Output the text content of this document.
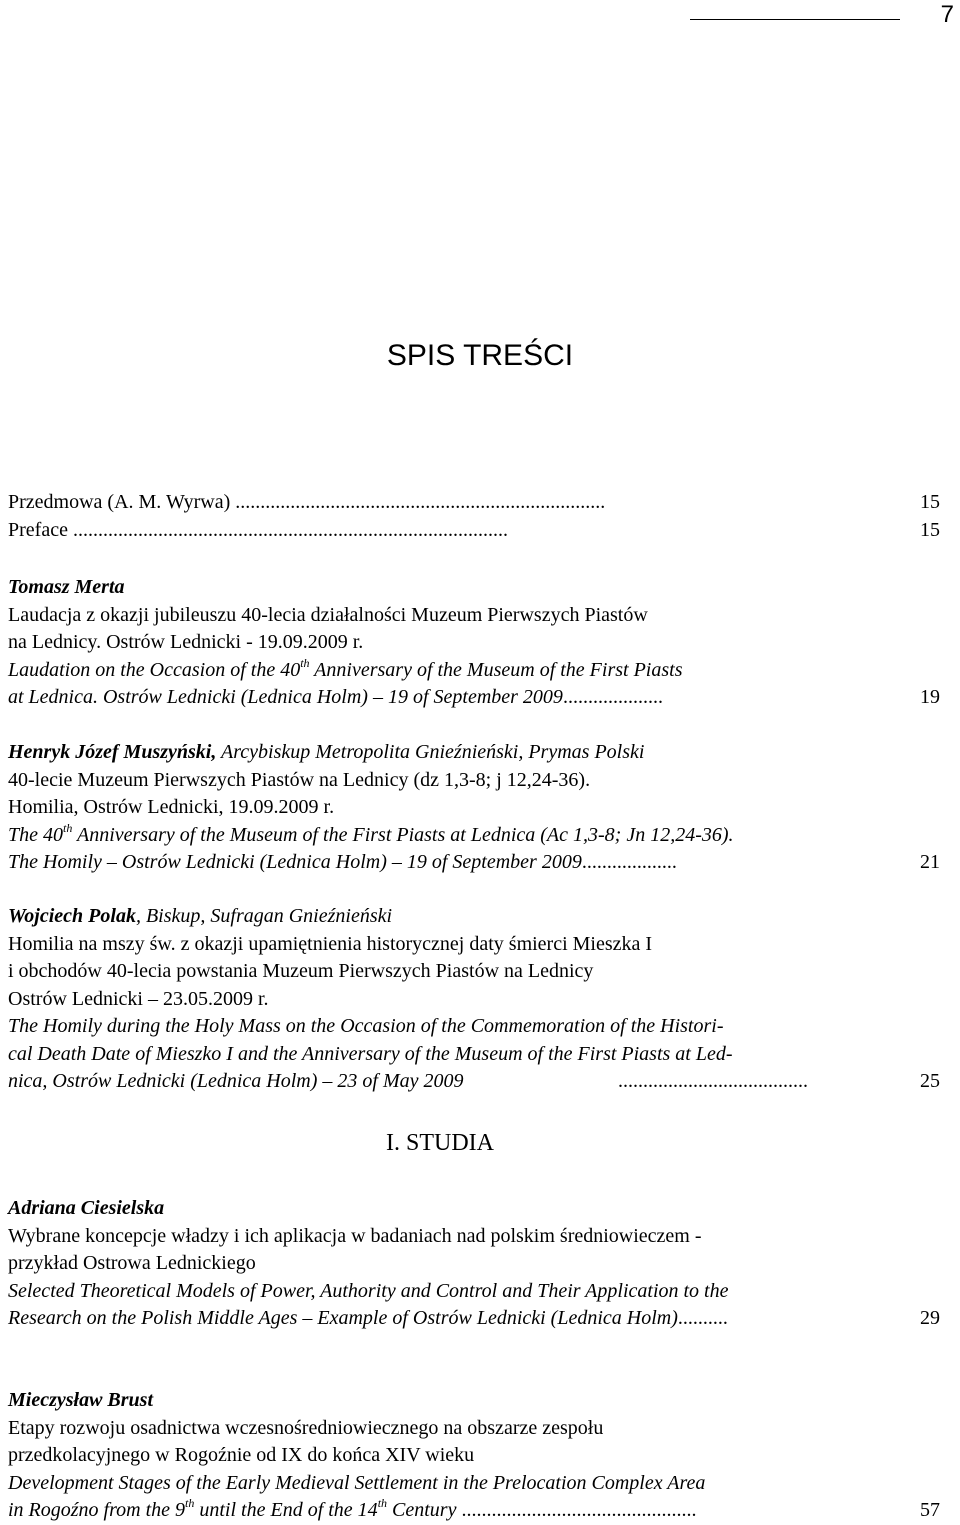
7
SPIS TREŚCI
Przedmowa (A. M. Wyrwa) ..........................................................................	15
Preface .......................................................................................	15
Tomasz Merta
Laudacja z okazji jubileuszu 40-lecia działalności Muzeum Pierwszych Piastów
na Lednicy. Ostrów Lednicki - 19.09.2009 r.
Laudation on the Occasion of the 40th Anniversary of the Museum of the First Piasts
at Lednica. Ostrów Lednicki (Lednica Holm) – 19 of September 2009....................	19
Henryk Józef Muszyński, Arcybiskup Metropolita Gnieźnieński, Prymas Polski
40-lecie Muzeum Pierwszych Piastów na Lednicy (dz 1,3-8; j 12,24-36).
Homilia, Ostrów Lednicki, 19.09.2009 r.
The 40th Anniversary of the Museum of the First Piasts at Lednica (Ac 1,3-8; Jn 12,24-36).
The Homily – Ostrów Lednicki (Lednica Holm) – 19 of September 2009...................	21
Wojciech Polak, Biskup, Sufragan Gnieźnieński
Homilia na mszy św. z okazji upamiętnienia historycznej daty śmierci Mieszka I
i obchodów 40-lecia powstania Muzeum Pierwszych Piastów na Lednicy
Ostrów Lednicki – 23.05.2009 r.
The Homily during the Holy Mass on the Occasion of the Commemoration of the Histori-
cal Death Date of Mieszko I and the Anniversary of the Museum of the First Piasts at Led-
nica, Ostrów Lednicki (Lednica Holm) – 23 of May 2009	......................................	25
I. STUDIA
Adriana Ciesielska
Wybrane koncepcje władzy i ich aplikacja w badaniach nad polskim średniowieczem -
przykład Ostrowa Lednickiego
Selected Theoretical Models of Power, Authority and Control and Their Application to the
Research on the Polish Middle Ages – Example of Ostrów Lednicki (Lednica Holm)..........	29
Mieczysław Brust
Etapy rozwoju osadnictwa wczesnośredniowiecznego na obszarze zespołu
przedkolacyjnego w Rogoźnie od IX do końca XIV wieku
Development Stages of the Early Medieval Settlement in the Prelocation Complex Area
in Rogoźno from the 9th until the End of the 14th Century ...............................................	57
